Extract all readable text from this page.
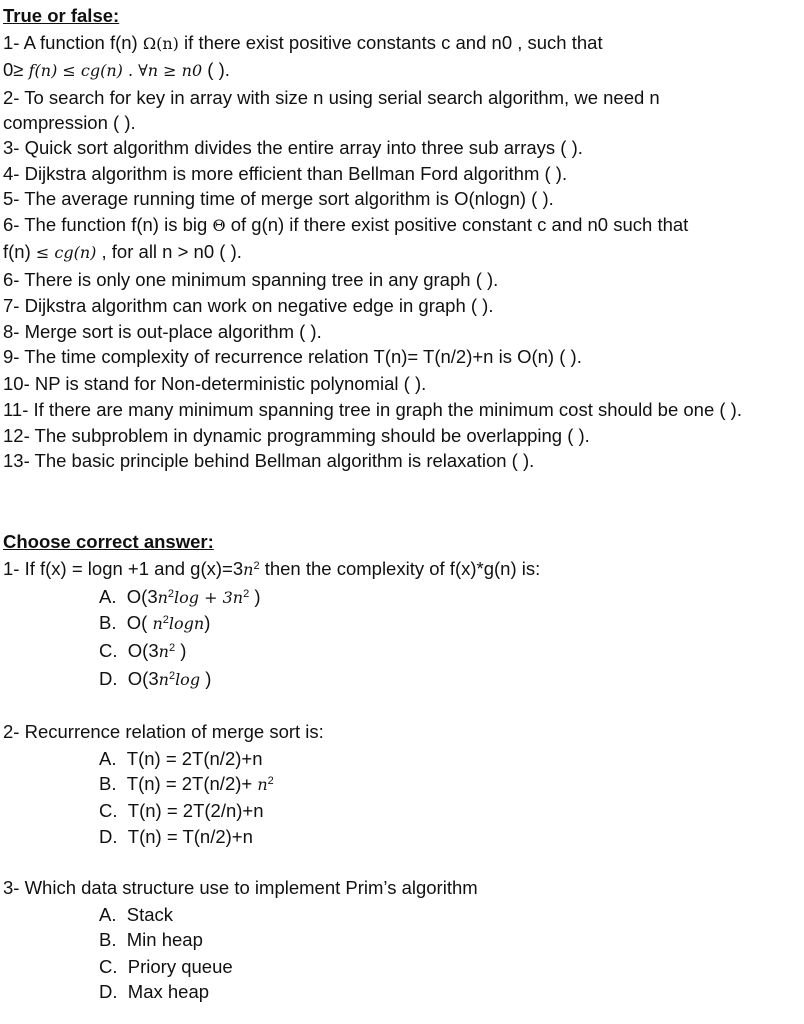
True or false:
1- A function f(n) Ω(n) if there exist positive constants c and n0 , such that
0≥ f(n) ≤ cg(n) . ∀n ≥ n0 ( ).
2- To search for key in array with size n using serial search algorithm, we need n
compression ( ).
3- Quick sort algorithm divides the entire array into three sub arrays ( ).
4- Dijkstra algorithm is more efficient than Bellman Ford algorithm ( ).
5- The average running time of merge sort algorithm is O(nlogn) ( ).
6- The function f(n) is big Θ of g(n) if there exist positive constant c and n0 such that
f(n) ≤ cg(n) , for all n > n0 ( ).
6- There is only one minimum spanning tree in any graph ( ).
7- Dijkstra algorithm can work on negative edge in graph ( ).
8- Merge sort is out-place algorithm ( ).
9- The time complexity of recurrence relation T(n)= T(n/2)+n is O(n) ( ).
10- NP is stand for Non-deterministic polynomial ( ).
11- If there are many minimum spanning tree in graph the minimum cost should be one ( ).
12- The subproblem in dynamic programming should be overlapping ( ).
13- The basic principle behind Bellman algorithm is relaxation ( ).
Choose correct answer:
1- If f(x) = logn +1 and $g(x)=3n^2$ then the complexity of f(x)*g(n) is:
A. $O(3n^2\log + 3n^2$ )
B. O( $n^2\log n$)
C. $O(3n^2$ )
D. $O(3n^2\log$ )
2- Recurrence relation of merge sort is:
A. T(n) = 2T(n/2)+n
B. $T(n) = 2T(n/2)+ n^2$
C. T(n) = 2T(2/n)+n
D. T(n) = T(n/2)+n
3- Which data structure use to implement Prim’s algorithm
A. Stack
B. Min heap
C. Priory queue
D. Max heap
